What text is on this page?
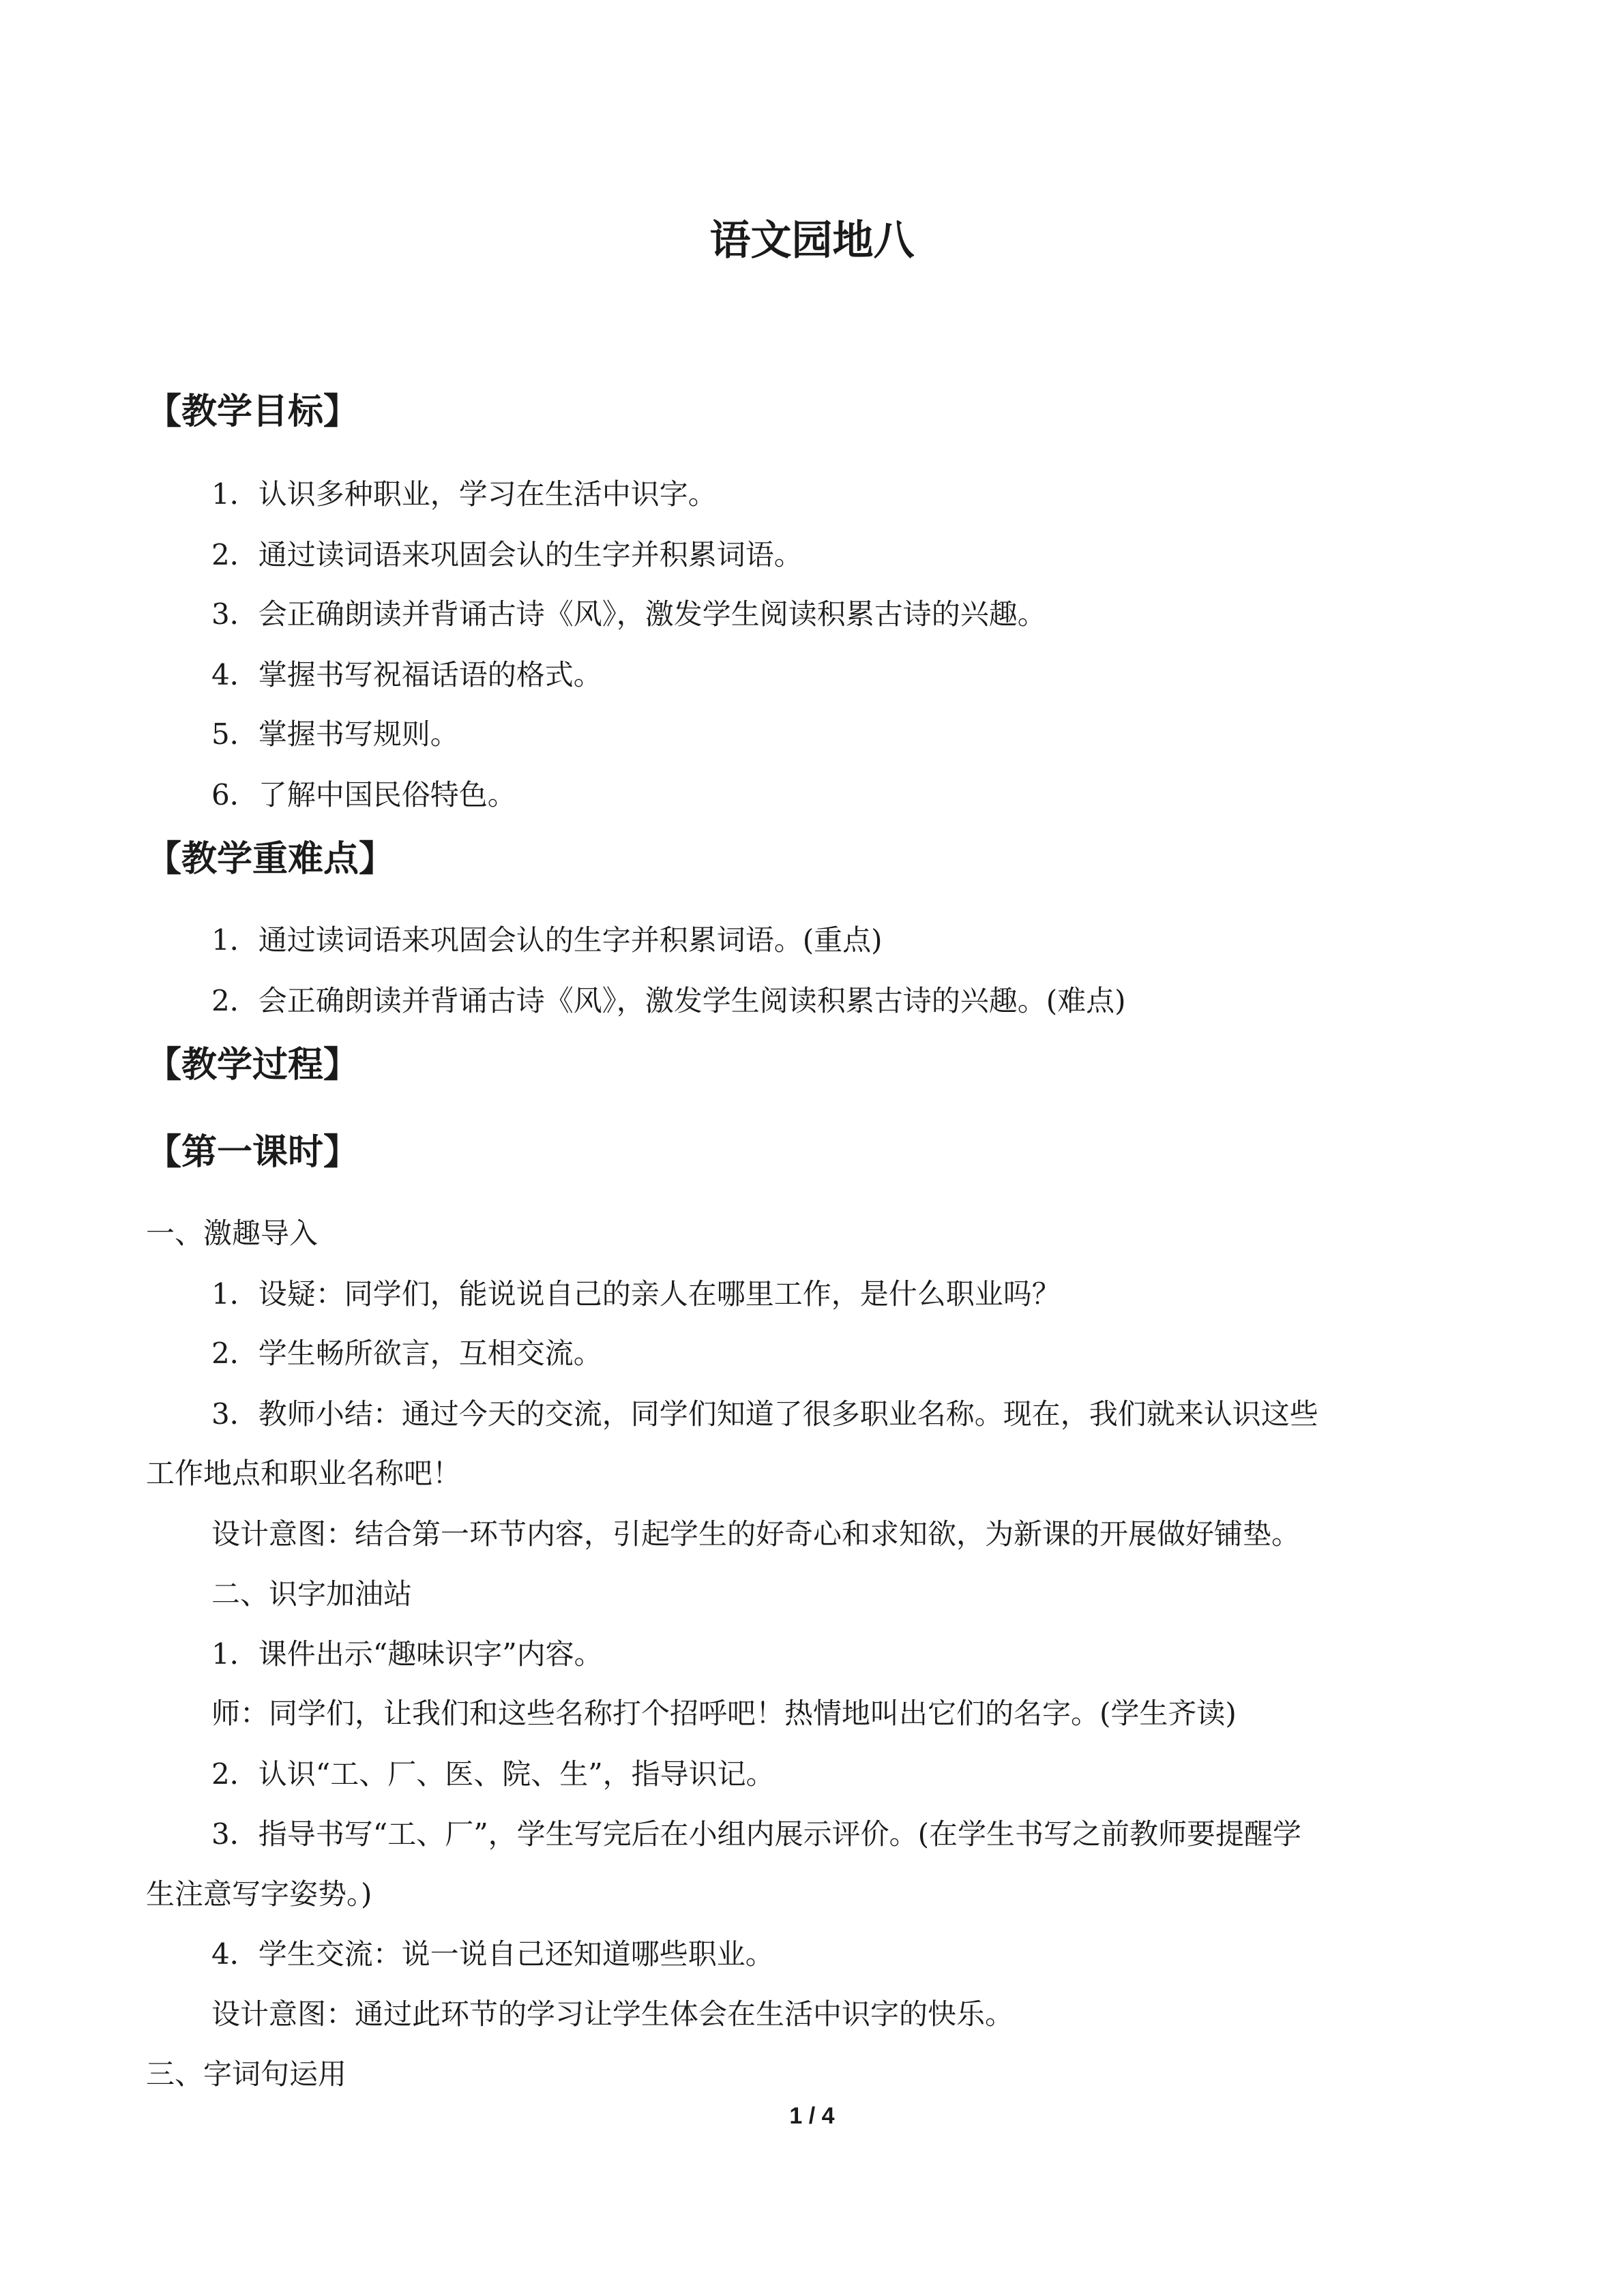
语文园地八
【教学目标】
1．认识多种职业，学习在生活中识字。
2．通过读词语来巩固会认的生字并积累词语。
3．会正确朗读并背诵古诗《风》，激发学生阅读积累古诗的兴趣。
4．掌握书写祝福话语的格式。
5．掌握书写规则。
6．了解中国民俗特色。
【教学重难点】
1．通过读词语来巩固会认的生字并积累词语。(重点)
2．会正确朗读并背诵古诗《风》，激发学生阅读积累古诗的兴趣。(难点)
【教学过程】
【第一课时】
一、激趣导入
1．设疑：同学们，能说说自己的亲人在哪里工作，是什么职业吗？
2．学生畅所欲言，互相交流。
3．教师小结：通过今天的交流，同学们知道了很多职业名称。现在，我们就来认识这些
工作地点和职业名称吧！
设计意图：结合第一环节内容，引起学生的好奇心和求知欲，为新课的开展做好铺垫。
二、识字加油站
1．课件出示“趣味识字”内容。
师：同学们，让我们和这些名称打个招呼吧！热情地叫出它们的名字。(学生齐读)
2．认识“工、厂、医、院、生”，指导识记。
3．指导书写“工、厂”，学生写完后在小组内展示评价。(在学生书写之前教师要提醒学
生注意写字姿势。)
4．学生交流：说一说自己还知道哪些职业。
设计意图：通过此环节的学习让学生体会在生活中识字的快乐。
三、字词句运用
1 / 4
